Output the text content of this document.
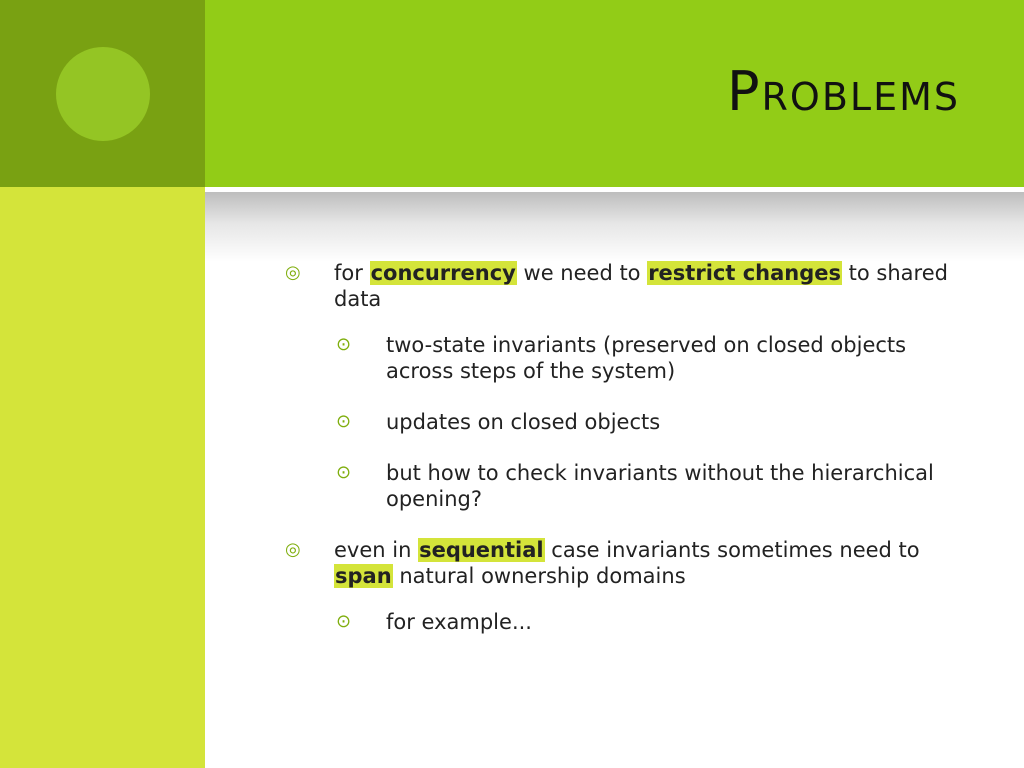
Problems
◎ for concurrency we need to restrict changes to shared data
⊙ two-state invariants (preserved on closed objects across steps of the system)
⊙ updates on closed objects
⊙ but how to check invariants without the hierarchical opening?
◎ even in sequential case invariants sometimes need to span natural ownership domains
⊙ for example...
